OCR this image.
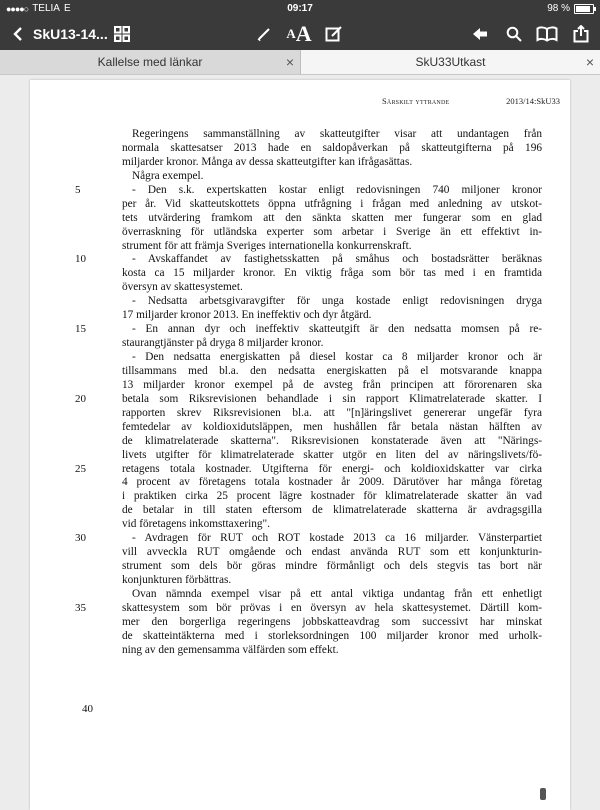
●●●●○ TELIA E	09:17	98 %
SkU13-14...	A A
Kallelse med länkar	×	SkU33Utkast	×
Särskilt yttrande	2013/14:SkU33
Regeringens sammanställning av skatteutgifter visar att undantagen från
normala skattesatser 2013 hade en saldopåverkan på skatteutgifterna på 196
miljarder kronor. Många av dessa skatteutgifter kan ifrågasättas.
Några exempel.
5	- Den s.k. expertskatten kostar enligt redovisningen 740 miljoner kronor
per år. Vid skatteutskottets öppna utfrågning i frågan med anledning av utskot-
tets utvärdering framkom att den sänkta skatten mer fungerar som en glad
överraskning för utländska experter som arbetar i Sverige än ett effektivt in-
strument för att främja Sveriges internationella konkurrenskraft.
10	- Avskaffandet av fastighetsskatten på småhus och bostadsrätter beräknas
kosta ca 15 miljarder kronor. En viktig fråga som bör tas med i en framtida
översyn av skattesystemet.
- Nedsatta arbetsgivaravgifter för unga kostade enligt redovisningen dryga
17 miljarder kronor 2013. En ineffektiv och dyr åtgärd.
15	- En annan dyr och ineffektiv skatteutgift är den nedsatta momsen på re-
staurangtjänster på dryga 8 miljarder kronor.
- Den nedsatta energiskatten på diesel kostar ca 8 miljarder kronor och är
tillsammans med bl.a. den nedsatta energiskatten på el motsvarande knappa
13 miljarder kronor exempel på de avsteg från principen att förorenaren ska
20	betala som Riksrevisionen behandlade i sin rapport Klimatrelaterade skatter. I
rapporten skrev Riksrevisionen bl.a. att "[n]äringslivet genererar ungefär fyra
femtedelar av koldioxidutsläppen, men hushållen får betala nästan hälften av
de klimatrelaterade skatterna". Riksrevisionen konstaterade även att "Närings-
livets utgifter för klimatrelaterade skatter utgör en liten del av näringslivets/fö-
25	retagens totala kostnader. Utgifterna för energi- och koldioxidskatter var cirka
4 procent av företagens totala kostnader år 2009. Därutöver har många företag
i praktiken cirka 25 procent lägre kostnader för klimatrelaterade skatter än vad
de betalar in till staten eftersom de klimatrelaterade skatterna är avdragsgilla
vid företagens inkomsttaxering".
30	- Avdragen för RUT och ROT kostade 2013 ca 16 miljarder. Vänsterpartiet
vill avveckla RUT omgående och endast använda RUT som ett konjunkturin-
strument som dels bör göras mindre förmånligt och dels stegvis tas bort när
konjunkturen förbättras.
Ovan nämnda exempel visar på ett antal viktiga undantag från ett enhetligt
35	skattesystem som bör prövas i en översyn av hela skattesystemet. Därtill kom-
mer den borgerliga regeringens jobbskatteavdrag som successivt har minskat
de skatteintäkterna med i storleksordningen 100 miljarder kronor med urholk-
ning av den gemensamma välfärden som effekt.
40
